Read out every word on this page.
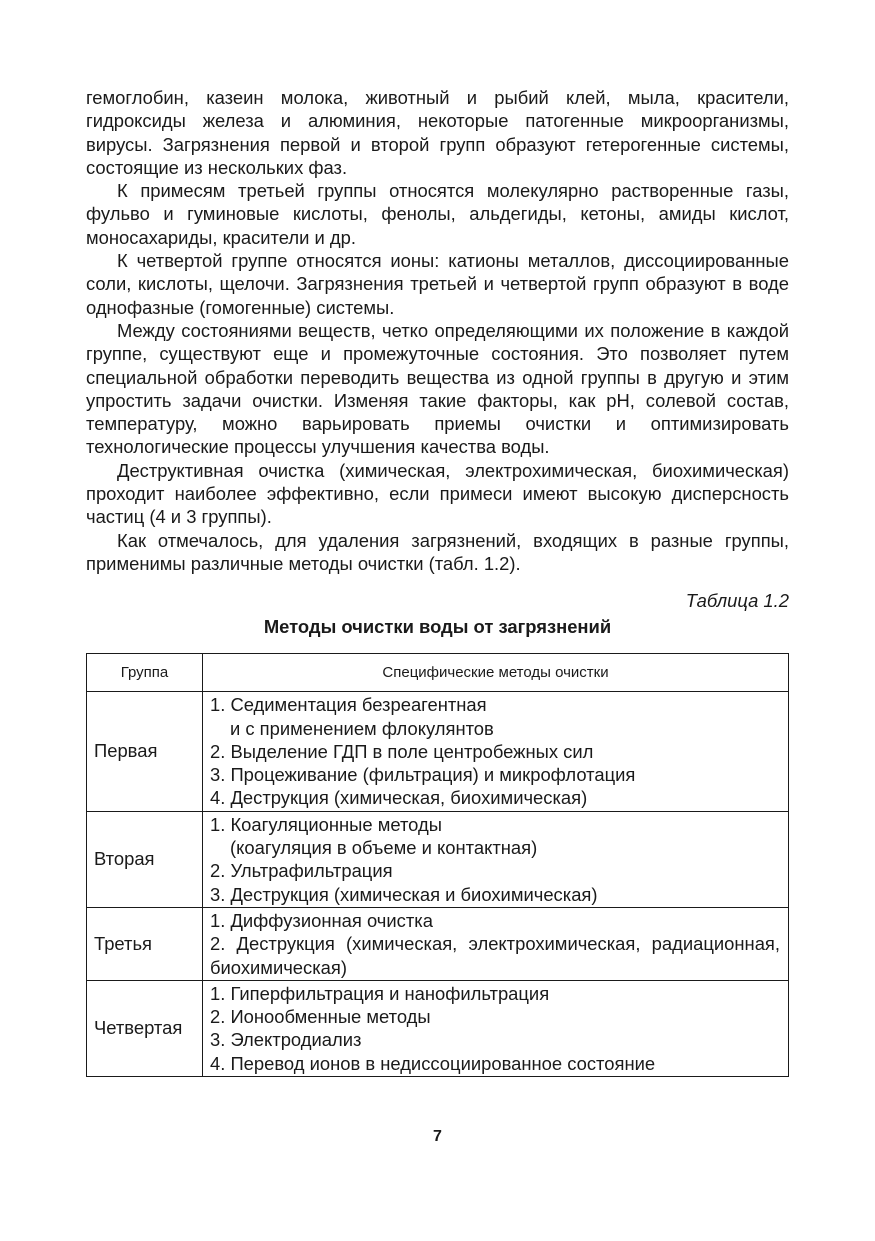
гемоглобин, казеин молока, животный и рыбий клей, мыла, красители, гидроксиды железа и алюминия, некоторые патогенные микроорганизмы, вирусы. Загрязнения первой и второй групп образуют гетерогенные системы, состоящие из нескольких фаз.

К примесям третьей группы относятся молекулярно растворенные газы, фульво и гуминовые кислоты, фенолы, альдегиды, кетоны, амиды кислот, моносахариды, красители и др.

К четвертой группе относятся ионы: катионы металлов, диссоциированные соли, кислоты, щелочи. Загрязнения третьей и четвертой групп образуют в воде однофазные (гомогенные) системы.

Между состояниями веществ, четко определяющими их положение в каждой группе, существуют еще и промежуточные состояния. Это позволяет путем специальной обработки переводить вещества из одной группы в другую и этим упростить задачи очистки. Изменяя такие факторы, как pH, солевой состав, температуру, можно варьировать приемы очистки и оптимизировать технологические процессы улучшения качества воды.

Деструктивная очистка (химическая, электрохимическая, биохимическая) проходит наиболее эффективно, если примеси имеют высокую дисперсность частиц (4 и 3 группы).

Как отмечалось, для удаления загрязнений, входящих в разные группы, применимы различные методы очистки (табл. 1.2).

Таблица 1.2
Методы очистки воды от загрязнений
Группа	Специфические методы очистки
Первая	1. Седиментация безреагентная
и с применением флокулянтов
2. Выделение ГДП в поле центробежных сил
3. Процеживание (фильтрация) и микрофлотация
4. Деструкция (химическая, биохимическая)

Вторая	1. Коагуляционные методы
(коагуляция в объеме и контактная)
2. Ультрафильтрация
3. Деструкция (химическая и биохимическая)

Третья	1. Диффузионная очистка
2. Деструкция (химическая, электрохимическая, радиационная, биохимическая)

Четвертая	1. Гиперфильтрация и нанофильтрация
2. Ионообменные методы
3. Электродиализ
4. Перевод ионов в недиссоциированное состояние
7
